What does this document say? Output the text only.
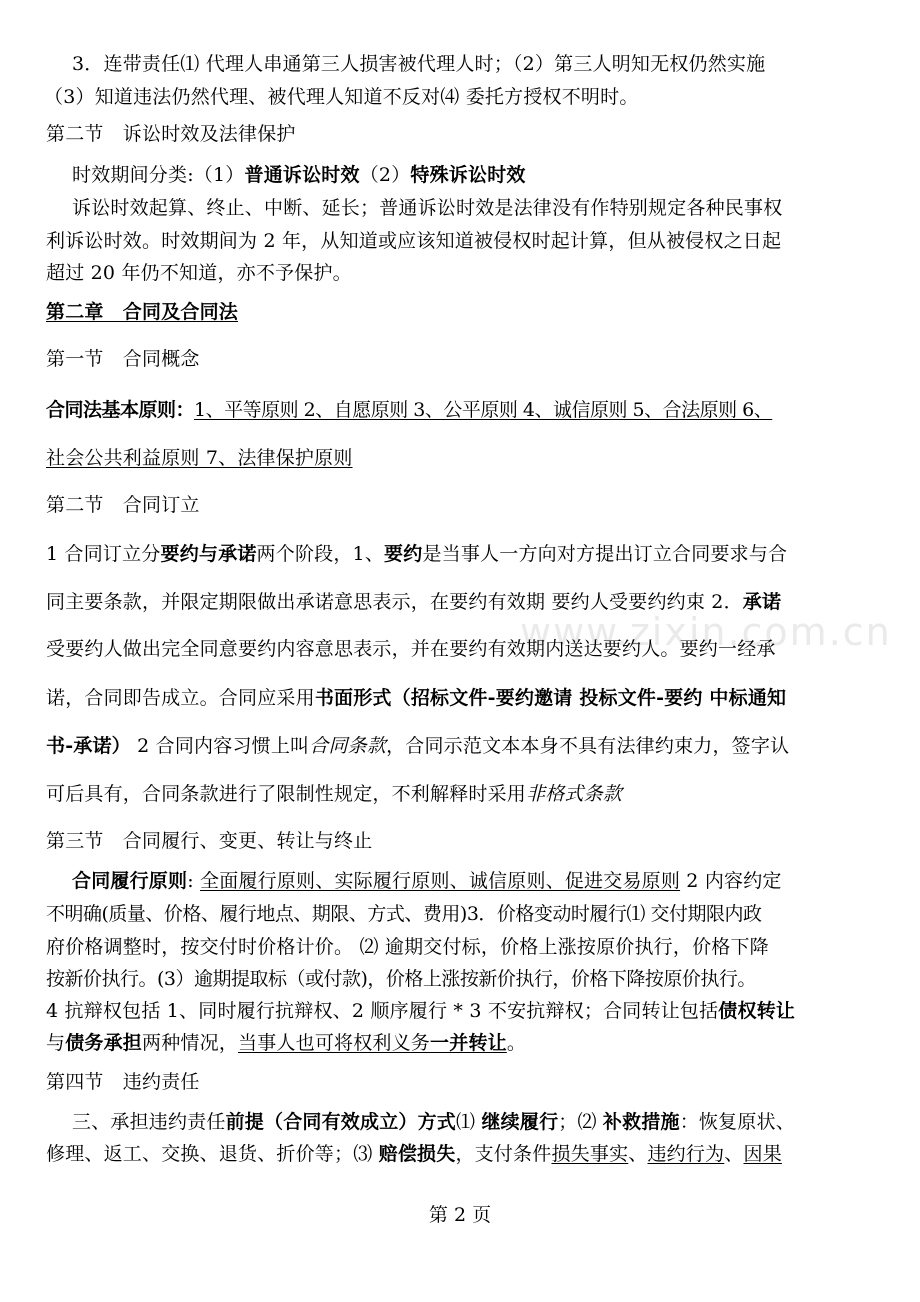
www.zixin.com.cn
3．连带责任⑴ 代理人串通第三人损害被代理人时；（2）第三人明知无权仍然实施
（3）知道违法仍然代理、被代理人知道不反对⑷ 委托方授权不明时。
第二节　诉讼时效及法律保护
时效期间分类:（1）普通诉讼时效（2）特殊诉讼时效
诉讼时效起算、终止、中断、延长；普通诉讼时效是法律没有作特别规定各种民事权
利诉讼时效。时效期间为 2 年，从知道或应该知道被侵权时起计算，但从被侵权之日起
超过 20 年仍不知道，亦不予保护。
第二章　合同及合同法
第一节　合同概念
合同法基本原则：1、平等原则 2、自愿原则 3、公平原则 4、诚信原则 5、合法原则 6、
社会公共利益原则 7、法律保护原则
第二节　合同订立
1 合同订立分要约与承诺两个阶段，1、要约是当事人一方向对方提出订立合同要求与合
同主要条款，并限定期限做出承诺意思表示，在要约有效期 要约人受要约约束 2．承诺
受要约人做出完全同意要约内容意思表示，并在要约有效期内送达要约人。要约一经承
诺，合同即告成立。合同应采用书面形式（招标文件-要约邀请 投标文件-要约 中标通知
书-承诺） 2 合同内容习惯上叫合同条款，合同示范文本本身不具有法律约束力，签字认
可后具有，合同条款进行了限制性规定，不利解释时采用非格式条款
第三节　合同履行、变更、转让与终止
合同履行原则: 全面履行原则、实际履行原则、诚信原则、促进交易原则 2 内容约定
不明确(质量、价格、履行地点、期限、方式、费用)3．价格变动时履行⑴ 交付期限内政
府价格调整时，按交付时价格计价。 ⑵ 逾期交付标，价格上涨按原价执行，价格下降
按新价执行。(3）逾期提取标（或付款)，价格上涨按新价执行，价格下降按原价执行。
4 抗辩权包括 1、同时履行抗辩权、2 顺序履行 * 3 不安抗辩权；合同转让包括债权转让
与债务承担两种情况，当事人也可将权利义务一并转让。
第四节　违约责任
三、承担违约责任前提（合同有效成立）方式⑴ 继续履行；⑵ 补救措施：恢复原状、
修理、返工、交换、退货、折价等；⑶ 赔偿损失，支付条件损失事实、违约行为、因果
第 2 页
